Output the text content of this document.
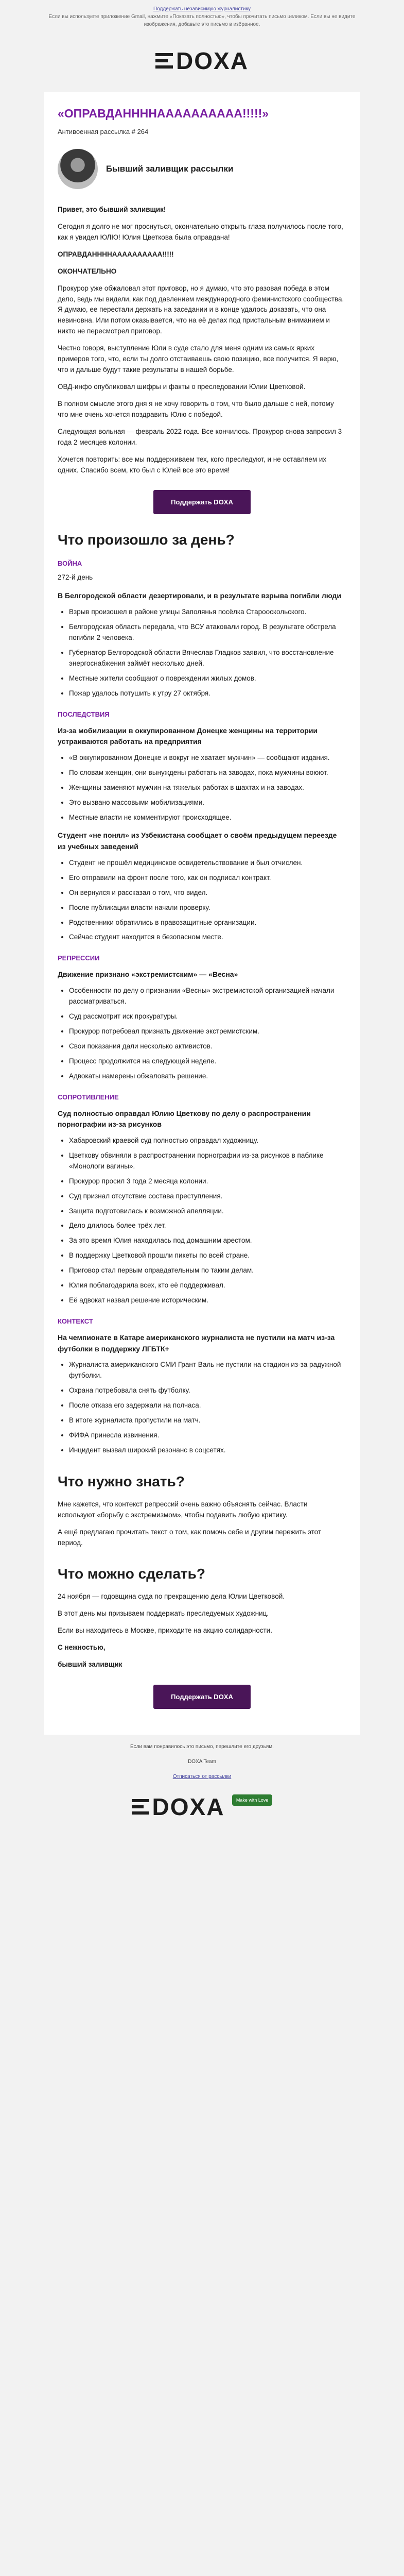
Поддержать независимую журналистику
Если вы используете приложение Gmail, нажмите «Показать полностью», чтобы прочитать письмо целиком. Если вы не видите изображения, добавьте это письмо в избранное.
DOXA
«ОПРАВДАННННАААААААААА!!!!!»
Антивоенная рассылка # 264
Бывший заливщик рассылки

Привет, это бывший заливщик!

Сегодня я долго не мог проснуться, окончательно открыть глаза получилось после того, как я увидел ЮЛЮ! Юлия Цветкова была оправдана!

ОПРАВДАННННАААААААААА!!!!!

ОКОНЧАТЕЛЬНО

Прокурор уже обжаловал этот приговор, но я думаю, что это разовая победа в этом дело, ведь мы видели, как под давлением международного феминистского сообщества. Я думаю, ее перестали держать на заседании и в конце удалось доказать, что она невиновна. Или потом оказывается, что на её делах под пристальным вниманием и никто не пересмотрел приговор.

Честно говоря, выступление Юли в суде стало для меня одним из самых ярких примеров того, что, если ты долго отстаиваешь свою позицию, все получится. Я верю, что и дальше будут такие результаты в нашей борьбе.

ОВД-инфо опубликовал шифры и факты о преследовании Юлии Цветковой.

В полном смысле этого дня я не хочу говорить о том, что было дальше с ней, потому что мне очень хочется поздравить Юлю с победой.

Следующая вольная — февраль 2022 года. Все кончилось. Прокурор снова запросил 3 года 2 месяцев колонии.

Хочется повторить: все мы поддерживаем тех, кого преследуют, и не оставляем их одних. Спасибо всем, кто был с Юлей все это время!

Поддержать DOXA
Что произошло за день?
ВОЙНА

272-й день

В Белгородской области дезертировали, и в результате взрыва погибли люди

• Взрыв произошел в районе улицы Заполянья посёлка Старооскольского.
• Белгородская область передала, что ВСУ атаковали город. В результате обстрела погибли 2 человека.
• Губернатор Белгородской области Вячеслав Гладков заявил, что восстановление энергоснабжения займёт несколько дней.
• Местные жители сообщают о повреждении жилых домов.
• Пожар удалось потушить к утру 27 октября.
ПОСЛЕДСТВИЯ

Из-за мобилизации в оккупированном Донецке женщины на территории устраиваются работать на предприятия

• «В оккупированном Донецке и вокруг не хватает мужчин» — сообщают издания.
• По словам женщин, они вынуждены работать на заводах, пока мужчины воюют.
• Женщины заменяют мужчин на тяжелых работах в шахтах и на заводах.
• Это вызвано массовыми мобилизациями.
• Местные власти не комментируют происходящее.

Студент «не понял» из Узбекистана сообщает о своём предыдущем переезде из учебных заведений

• Студент не прошёл медицинское освидетельствование и был отчислен.
• Его отправили на фронт после того, как он подписал контракт.
• Он вернулся и рассказал о том, что видел.
• После публикации власти начали проверку.
• Родственники обратились в правозащитные организации.
• Сейчас студент находится в безопасном месте.
РЕПРЕССИИ

Движение признано «экстремистским» — «Весна»

• Особенности по делу о признании «Весны» экстремистской организацией начали рассматриваться.
• Суд рассмотрит иск прокуратуры.
• Прокурор потребовал признать движение экстремистским.
• Свои показания дали несколько активистов.
• Процесс продолжится на следующей неделе.
• Адвокаты намерены обжаловать решение.
СОПРОТИВЛЕНИЕ

Суд полностью оправдал Юлию Цветкову по делу о распространении порнографии из-за рисунков

• Хабаровский краевой суд полностью оправдал художницу.
• Цветкову обвиняли в распространении порнографии из-за рисунков в паблике «Монологи вагины».
• Прокурор просил 3 года 2 месяца колонии.
• Суд признал отсутствие состава преступления.
• Защита подготовилась к возможной апелляции.
• Дело длилось более трёх лет.
• За это время Юлия находилась под домашним арестом.
• В поддержку Цветковой прошли пикеты по всей стране.
• Приговор стал первым оправдательным по таким делам.
• Юлия поблагодарила всех, кто её поддерживал.
• Её адвокат назвал решение историческим.
КОНТЕКСТ

На чемпионате в Катаре американского журналиста не пустили на матч из-за футболки в поддержку ЛГБТК+

• Журналиста американского СМИ Грант Валь не пустили на стадион из-за радужной футболки.
• Охрана потребовала снять футболку.
• После отказа его задержали на полчаса.
• В итоге журналиста пропустили на матч.
• ФИФА принесла извинения.
• Инцидент вызвал широкий резонанс в соцсетях.
Что нужно знать?

Мне кажется, что контекст репрессий очень важно объяснять сейчас. Власти используют «борьбу с экстремизмом», чтобы подавить любую критику.

А ещё предлагаю прочитать текст о том, как помочь себе и другим пережить этот период.

Что можно сделать?

24 ноября — годовщина суда по прекращению дела Юлии Цветковой.

В этот день мы призываем поддержать преследуемых художниц.

Если вы находитесь в Москве, приходите на акцию солидарности.

С нежностью,

бывший заливщик

Поддержать DOXA
Если вам понравилось это письмо, перешлите его друзьям.
DOXA Team
Отписаться от рассылки
DOXA Make with Love
